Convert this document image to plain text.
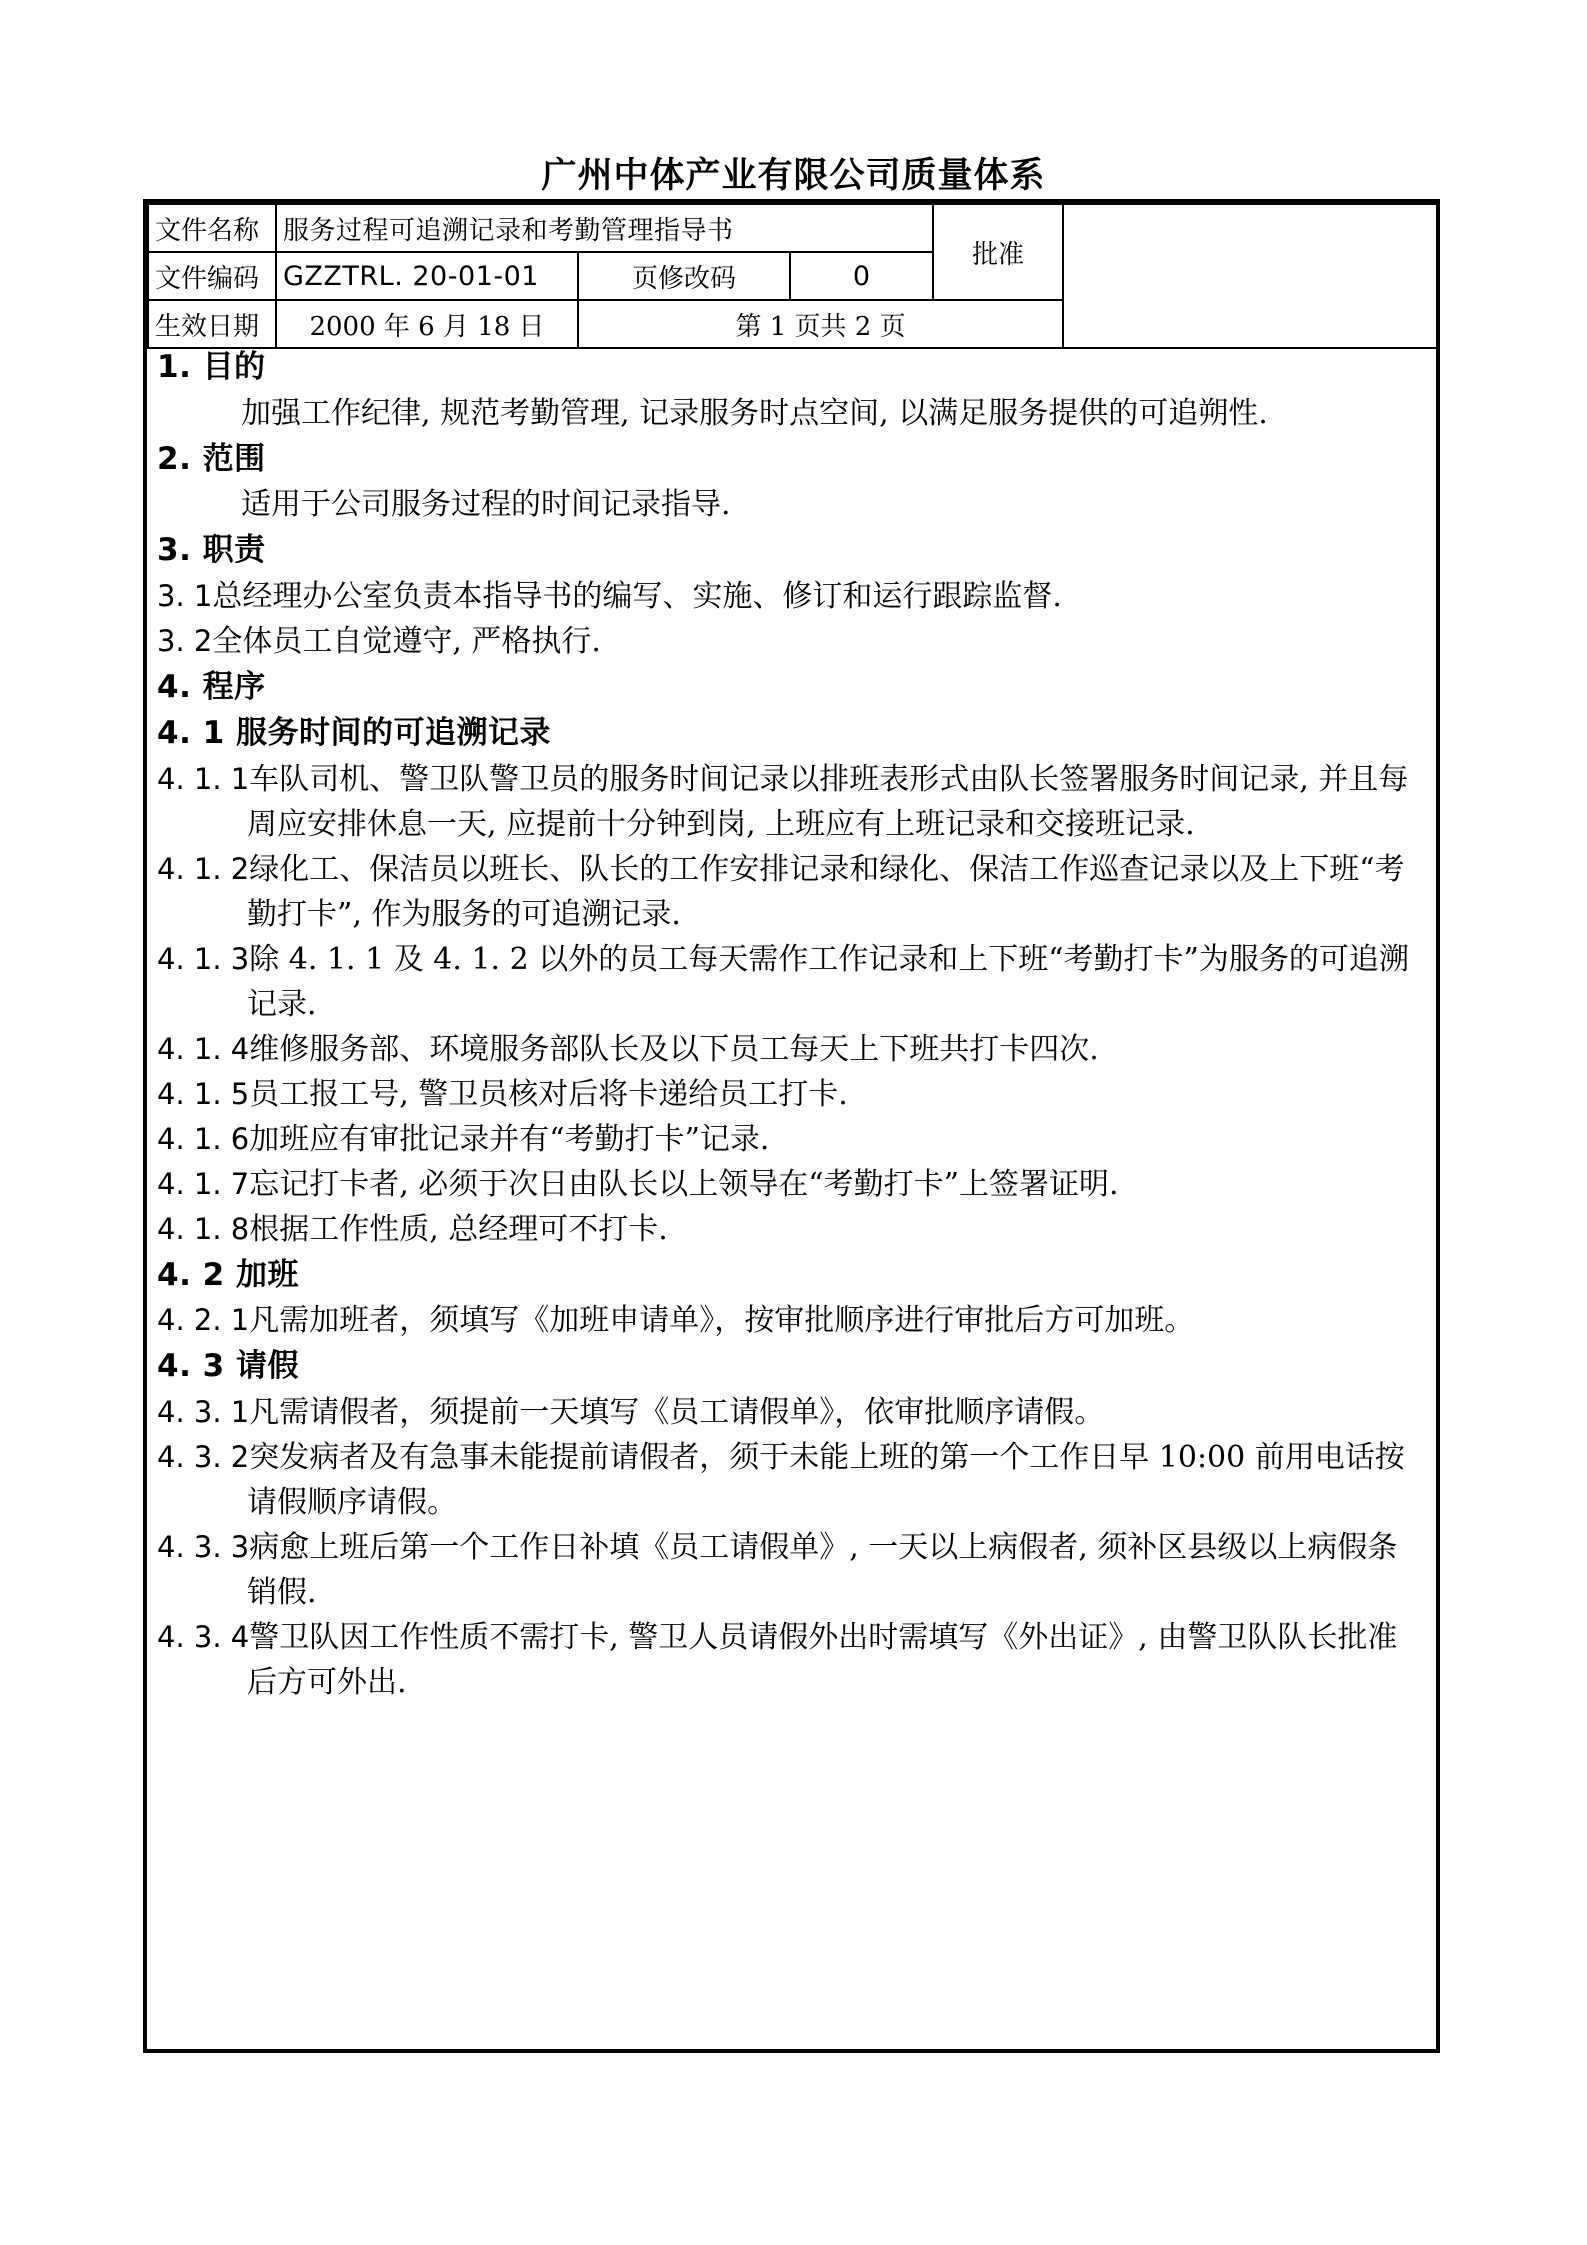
广州中体产业有限公司质量体系
文件名称	服务过程可追溯记录和考勤管理指导书			批准	
文件编码	GZZTRL. 20-01-01	页修改码	0		
生效日期	2000 年 6 月 18 日	第 1 页共 2 页			
1. 目的
加强工作纪律, 规范考勤管理, 记录服务时点空间, 以满足服务提供的可追朔性.
2. 范围
适用于公司服务过程的时间记录指导.
3. 职责
3. 1总经理办公室负责本指导书的编写、实施、修订和运行跟踪监督.
3. 2全体员工自觉遵守, 严格执行.
4. 程序
4. 1 服务时间的可追溯记录
4. 1. 1车队司机、警卫队警卫员的服务时间记录以排班表形式由队长签署服务时间记录, 并且每周应安排休息一天, 应提前十分钟到岗, 上班应有上班记录和交接班记录.
4. 1. 2绿化工、保洁员以班长、队长的工作安排记录和绿化、保洁工作巡查记录以及上下班“考勤打卡”, 作为服务的可追溯记录.
4. 1. 3除 4. 1. 1 及 4. 1. 2 以外的员工每天需作工作记录和上下班“考勤打卡”为服务的可追溯记录.
4. 1. 4维修服务部、环境服务部队长及以下员工每天上下班共打卡四次.
4. 1. 5员工报工号, 警卫员核对后将卡递给员工打卡.
4. 1. 6加班应有审批记录并有“考勤打卡”记录.
4. 1. 7忘记打卡者, 必须于次日由队长以上领导在“考勤打卡”上签署证明.
4. 1. 8根据工作性质, 总经理可不打卡.
4. 2 加班
4. 2. 1凡需加班者，须填写《加班申请单》，按审批顺序进行审批后方可加班。
4. 3 请假
4. 3. 1凡需请假者，须提前一天填写《员工请假单》，依审批顺序请假。
4. 3. 2突发病者及有急事未能提前请假者，须于未能上班的第一个工作日早 10:00 前用电话按请假顺序请假。
4. 3. 3病愈上班后第一个工作日补填《员工请假单》, 一天以上病假者, 须补区县级以上病假条销假.
4. 3. 4警卫队因工作性质不需打卡, 警卫人员请假外出时需填写《外出证》, 由警卫队队长批准后方可外出.
